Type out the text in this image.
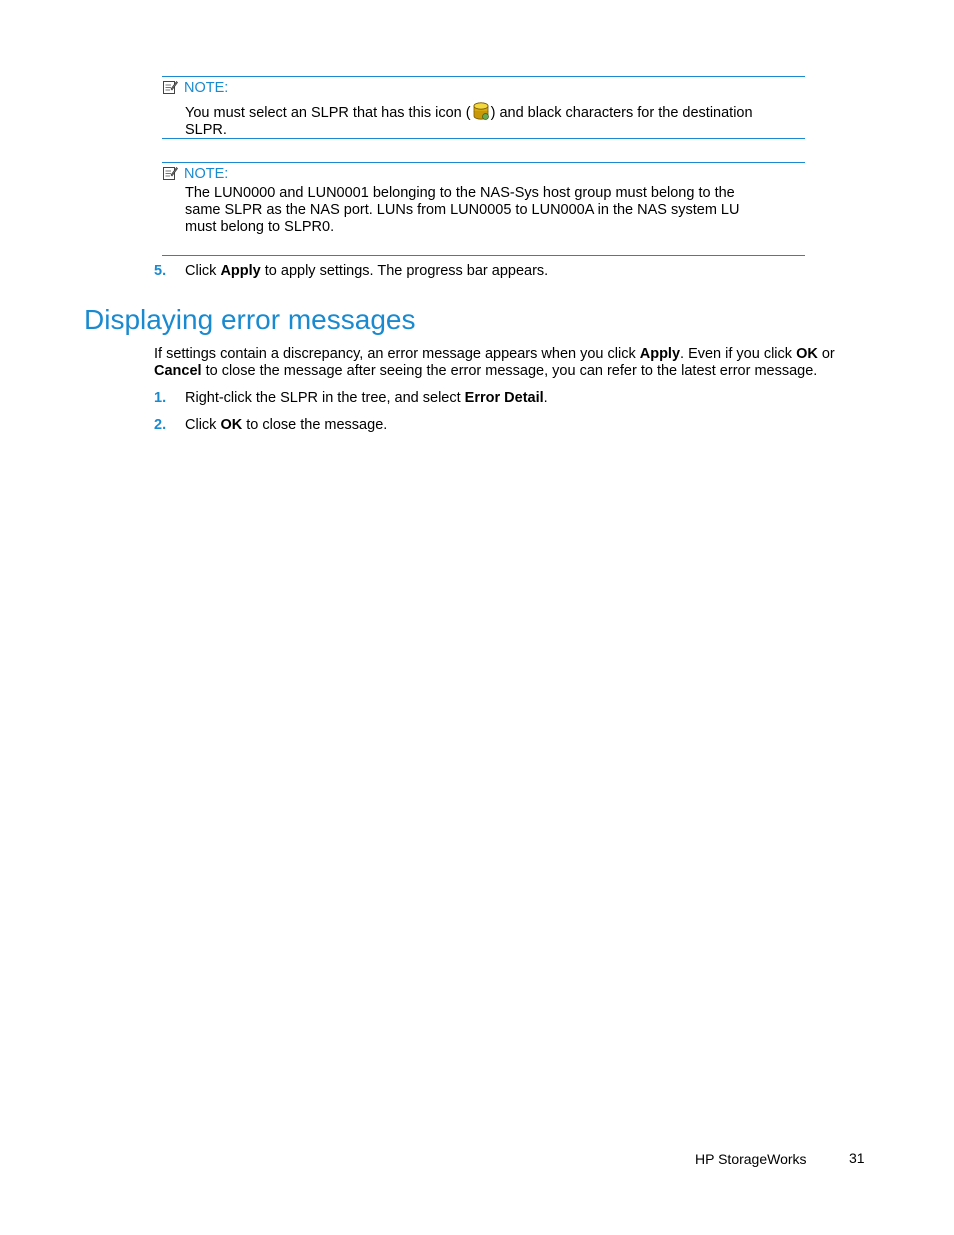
NOTE:
You must select an SLPR that has this icon ( ) and black characters for the destination SLPR.
NOTE:
The LUN0000 and LUN0001 belonging to the NAS-Sys host group must belong to the
same SLPR as the NAS port. LUNs from LUN0005 to LUN000A in the NAS system LU
must belong to SLPR0.
5. Click Apply to apply settings. The progress bar appears.
Displaying error messages
If settings contain a discrepancy, an error message appears when you click Apply. Even if you click OK or Cancel to close the message after seeing the error message, you can refer to the latest error message.
1. Right-click the SLPR in the tree, and select Error Detail.
2. Click OK to close the message.
HP StorageWorks	31
